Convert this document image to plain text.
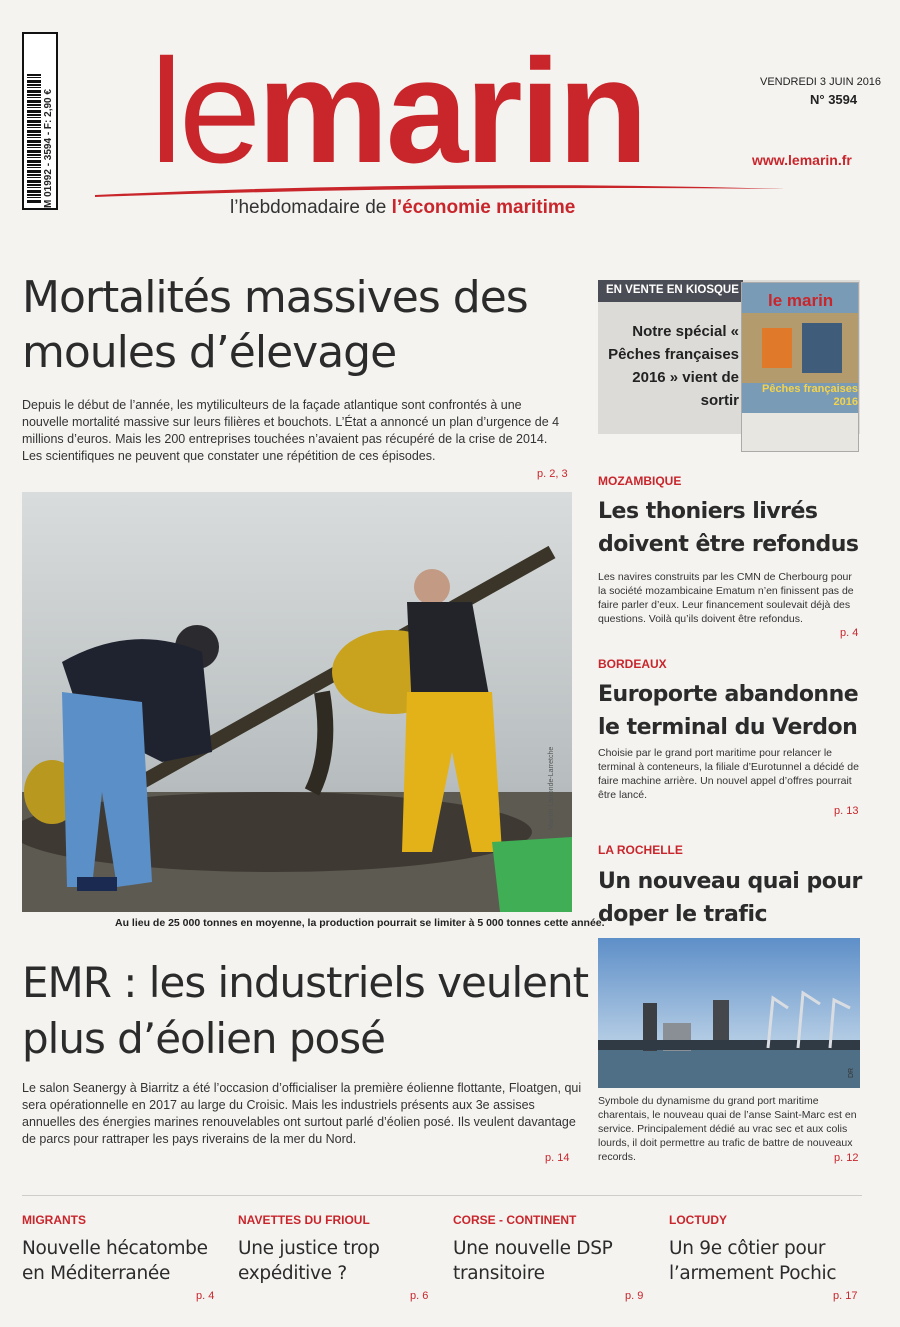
M 01992 - 3594 - F: 2,90 € lemarin
l’hebdomadaire de l’économie maritime
VENDREDI 3 JUIN 2016
N° 3594
www.lemarin.fr
Mortalités massives des moules d’élevage

Depuis le début de l’année, les mytiliculteurs de la façade atlantique sont confrontés à une nouvelle mortalité massive sur leurs filières et bouchots. L’État a annoncé un plan d’urgence de 4 millions d’euros. Mais les 200 entreprises touchées n’avaient pas récupéré de la crise de 2014. Les scientifiques ne peuvent que constater une répétition de ces épisodes.

p. 2, 3
Marion Larronde-Larretche
Au lieu de 25 000 tonnes en moyenne, la production pourrait se limiter à 5 000 tonnes cette année.
EMR : les industriels veulent plus d’éolien posé

Le salon Seanergy à Biarritz a été l’occasion d’officialiser la première éolienne flottante, Floatgen, qui sera opérationnelle en 2017 au large du Croisic. Mais les industriels présents aux 3e assises annuelles des énergies marines renouvelables ont surtout parlé d’éolien posé. Ils veulent davantage de parcs pour rattraper les pays riverains de la mer du Nord.

p. 14
EN VENTE EN KIOSQUE
Notre spécial « Pêches françaises 2016 » vient de sortir
le marin
Pêches françaises 2016
MOZAMBIQUE
Les thoniers livrés doivent être refondus

Les navires construits par les CMN de Cherbourg pour la société mozambicaine Ematum n’en finissent pas de faire parler d’eux. Leur financement soulevait déjà des questions. Voilà qu’ils doivent être refondus.

p. 4
BORDEAUX
Europorte abandonne le terminal du Verdon

Choisie par le grand port maritime pour relancer le terminal à conteneurs, la filiale d’Eurotunnel a décidé de faire machine arrière. Un nouvel appel d’offres pourrait être lancé.

p. 13
LA ROCHELLE
Un nouveau quai pour doper le trafic
DR

Symbole du dynamisme du grand port maritime charentais, le nouveau quai de l’anse Saint-Marc est en service. Principalement dédié au vrac sec et aux colis lourds, il doit permettre au trafic de battre de nouveaux records.	p. 12
MIGRANTS
Nouvelle hécatombe en Méditerranée
p. 4
NAVETTES DU FRIOUL
Une justice trop expéditive ?
p. 6
CORSE - CONTINENT
Une nouvelle DSP transitoire
p. 9
LOCTUDY
Un 9e côtier pour l’armement Pochic
p. 17
